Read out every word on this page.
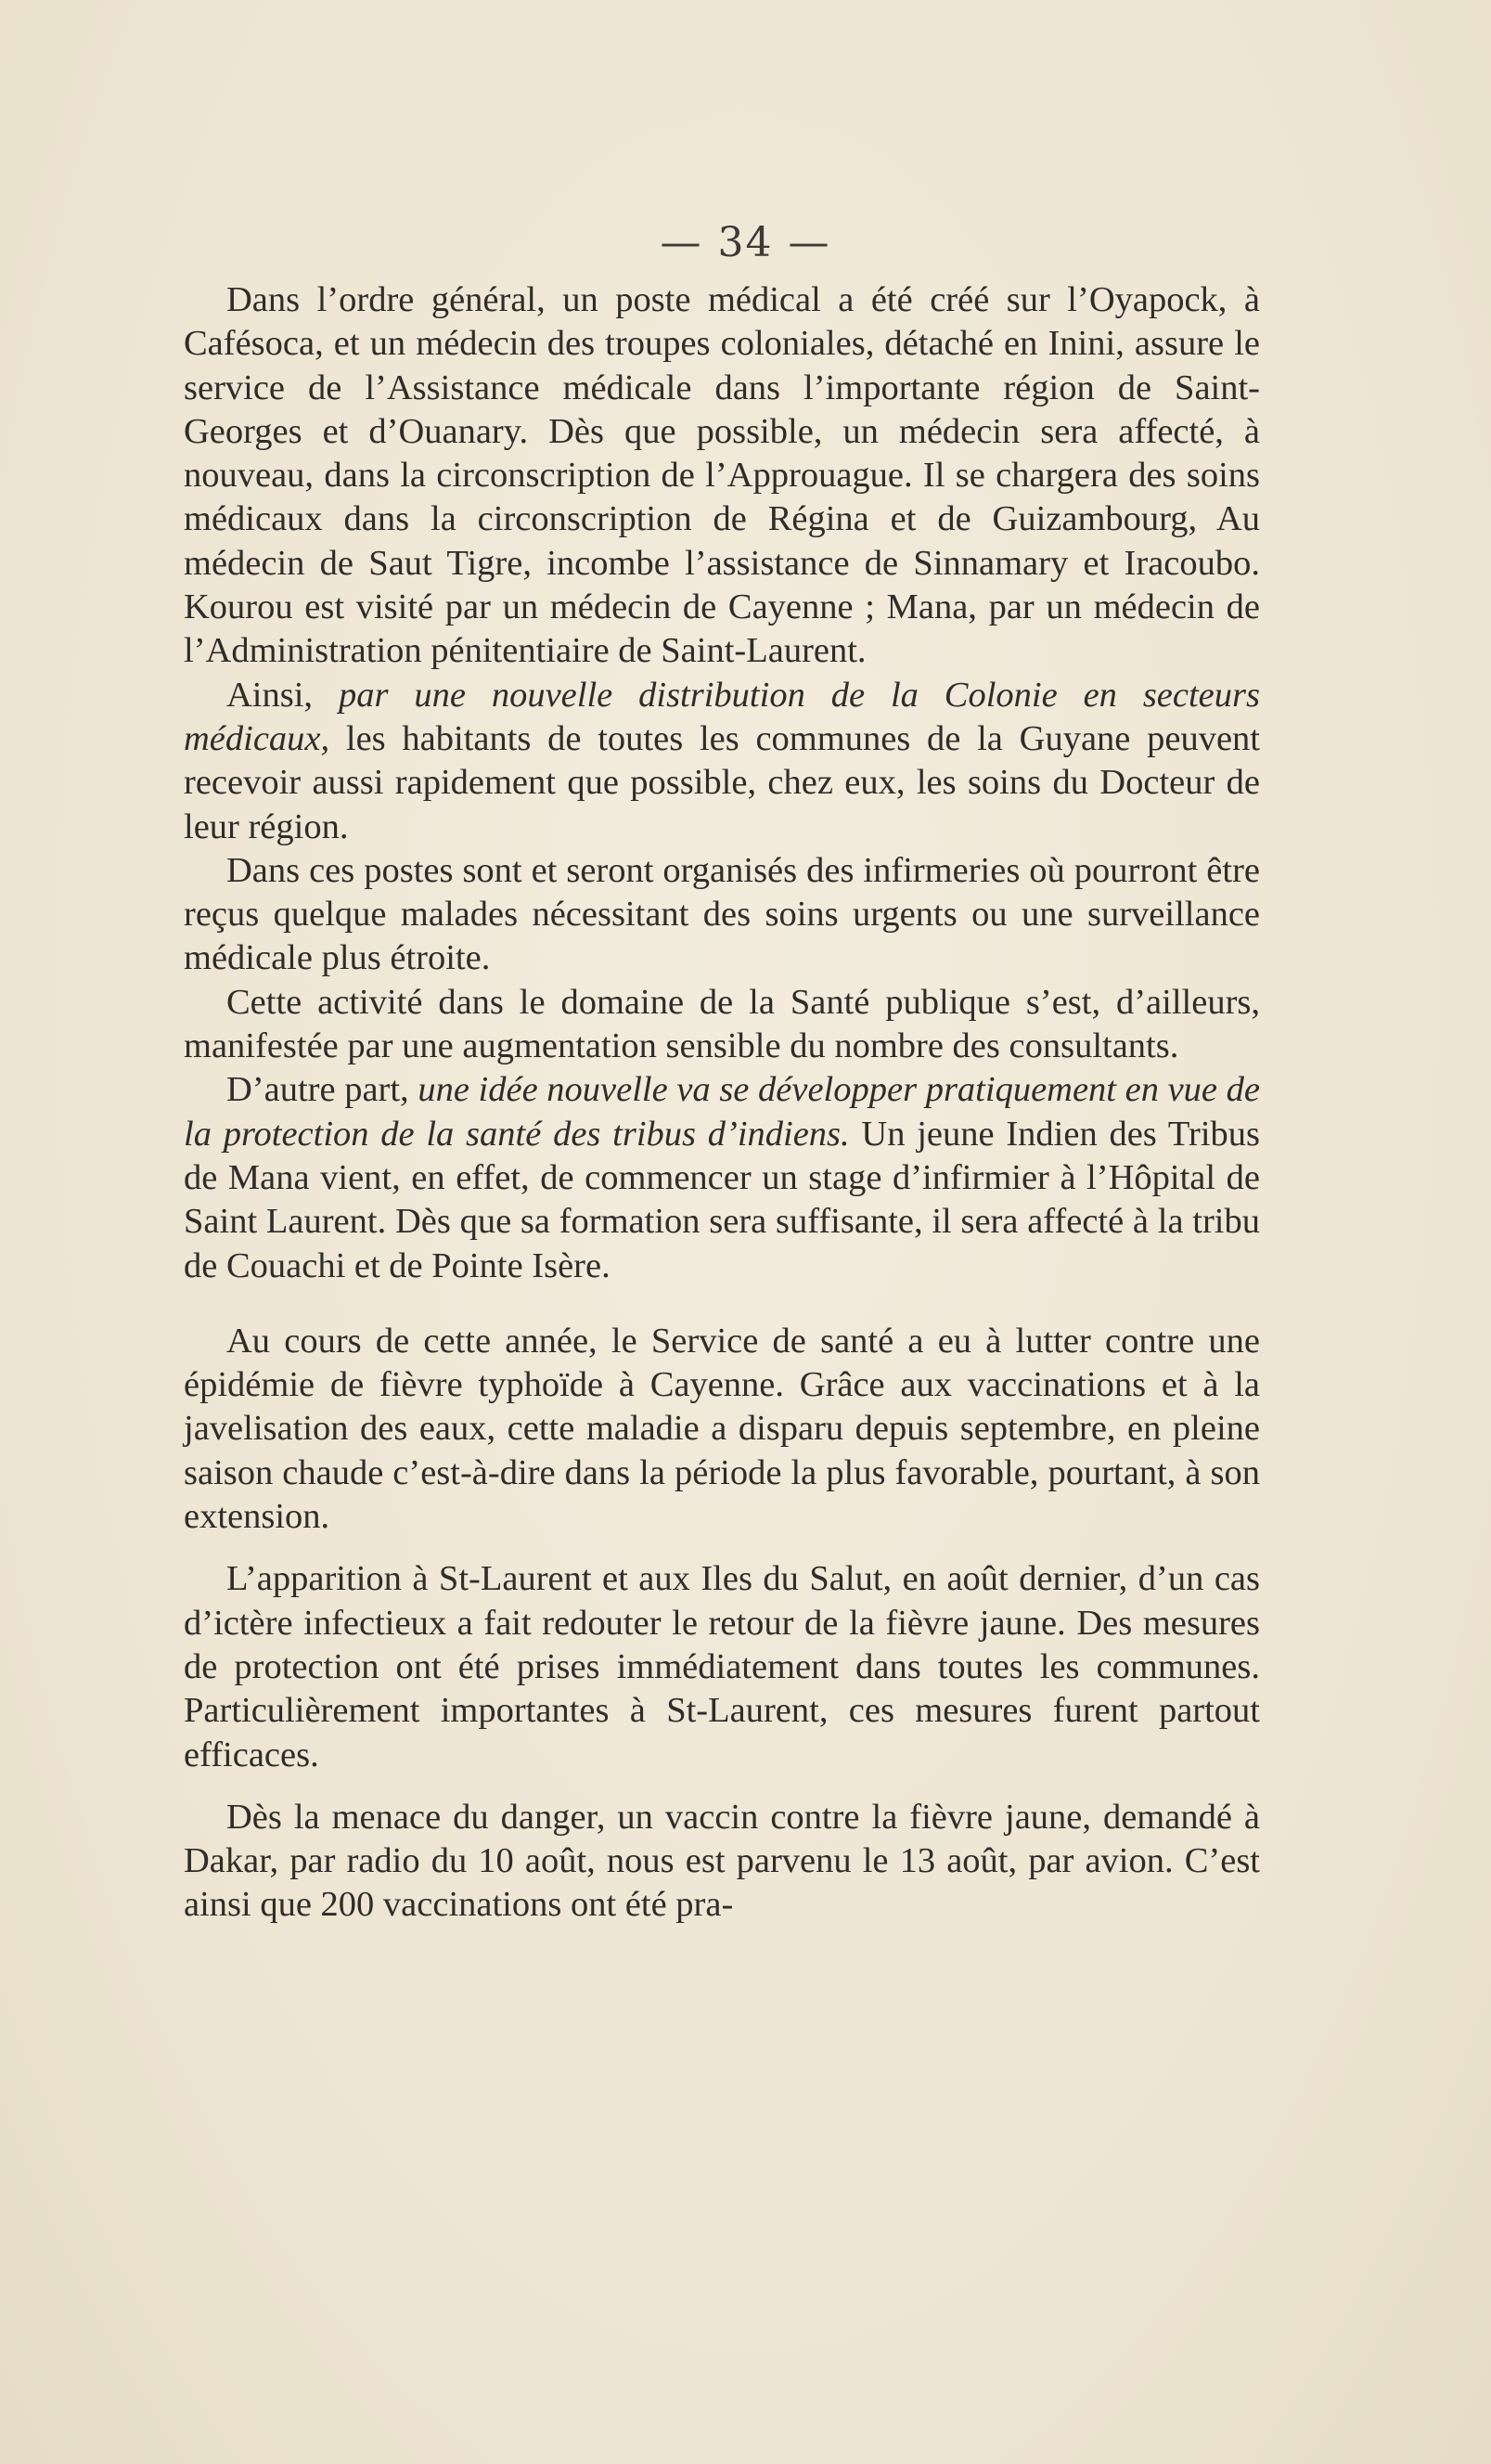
— 34 —

Dans l’ordre général, un poste médical a été créé sur l’Oyapock, à Cafésoca, et un médecin des troupes coloniales, détaché en Inini, assure le service de l’Assistance médicale dans l’importante région de Saint-Georges et d’Ouanary. Dès que possible, un médecin sera affecté, à nouveau, dans la circonscription de l’Approuague. Il se chargera des soins médicaux dans la circonscription de Régina et de Guizambourg, Au médecin de Saut Tigre, incombe l’assistance de Sinnamary et Iracoubo. Kourou est visité par un médecin de Cayenne ; Mana, par un médecin de l’Administration pénitentiaire de Saint-Laurent.

Ainsi, par une nouvelle distribution de la Colonie en secteurs médicaux, les habitants de toutes les communes de la Guyane peuvent recevoir aussi rapidement que possible, chez eux, les soins du Docteur de leur région.

Dans ces postes sont et seront organisés des infirmeries où pourront être reçus quelque malades nécessitant des soins urgents ou une surveillance médicale plus étroite.

Cette activité dans le domaine de la Santé publique s’est, d’ailleurs, manifestée par une augmentation sensible du nombre des consultants.

D’autre part, une idée nouvelle va se développer pratiquement en vue de la protection de la santé des tribus d’indiens. Un jeune Indien des Tribus de Mana vient, en effet, de commencer un stage d’infirmier à l’Hôpital de Saint Laurent. Dès que sa formation sera suffisante, il sera affecté à la tribu de Couachi et de Pointe Isère.

Au cours de cette année, le Service de santé a eu à lutter contre une épidémie de fièvre typhoïde à Cayenne. Grâce aux vaccinations et à la javelisation des eaux, cette maladie a disparu depuis septembre, en pleine saison chaude c’est-à-dire dans la période la plus favorable, pourtant, à son extension.

L’apparition à St-Laurent et aux Iles du Salut, en août dernier, d’un cas d’ictère infectieux a fait redouter le retour de la fièvre jaune. Des mesures de protection ont été prises immédiatement dans toutes les communes. Particulièrement importantes à St-Laurent, ces mesures furent partout efficaces.

Dès la menace du danger, un vaccin contre la fièvre jaune, demandé à Dakar, par radio du 10 août, nous est parvenu le 13 août, par avion. C’est ainsi que 200 vaccinations ont été pra-
